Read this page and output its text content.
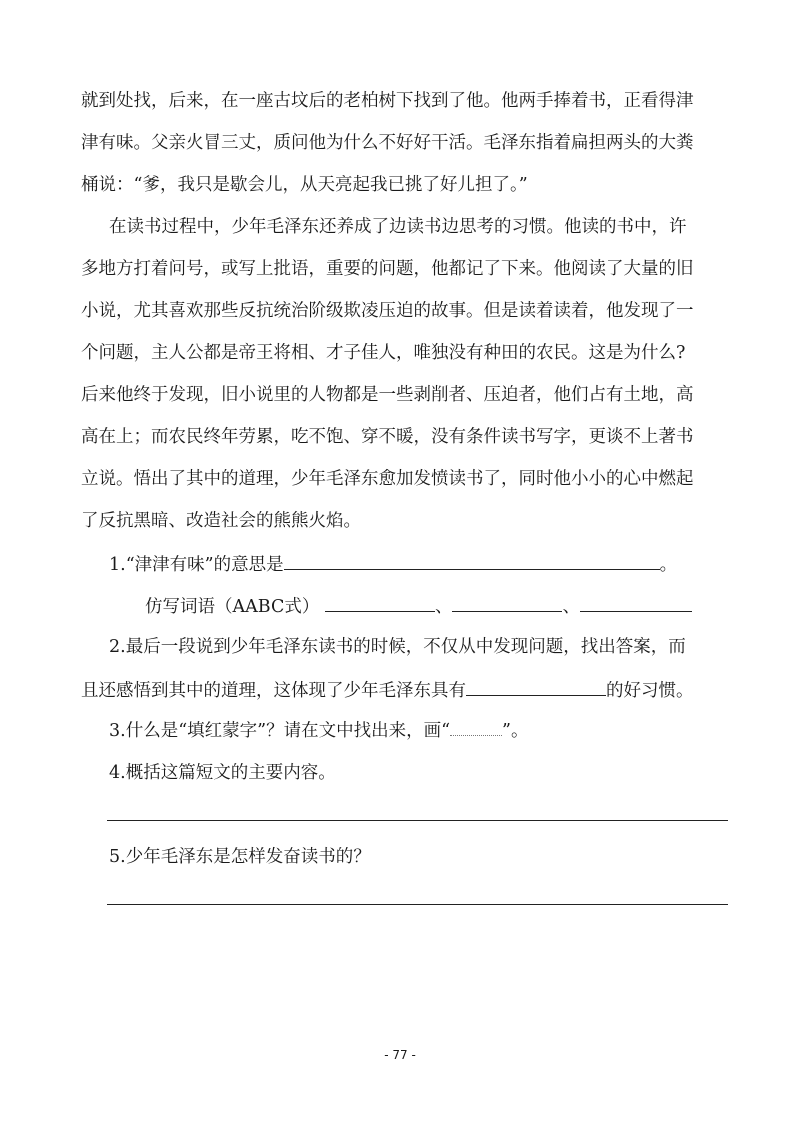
就到处找，后来，在一座古坟后的老柏树下找到了他。他两手捧着书，正看得津
津有味。父亲火冒三丈，质问他为什么不好好干活。毛泽东指着扁担两头的大粪
桶说：“爹，我只是歇会儿，从天亮起我已挑了好儿担了。”
在读书过程中，少年毛泽东还养成了边读书边思考的习惯。他读的书中，许
多地方打着问号，或写上批语，重要的问题，他都记了下来。他阅读了大量的旧
小说，尤其喜欢那些反抗统治阶级欺凌压迫的故事。但是读着读着，他发现了一
个问题，主人公都是帝王将相、才子佳人，唯独没有种田的农民。这是为什么?
后来他终于发现，旧小说里的人物都是一些剥削者、压迫者，他们占有土地，高
高在上；而农民终年劳累，吃不饱、穿不暖，没有条件读书写字，更谈不上著书
立说。悟出了其中的道理，少年毛泽东愈加发愤读书了，同时他小小的心中燃起
了反抗黑暗、改造社会的熊熊火焰。
1.“津津有味”的意思是	。
仿写词语（AABC式）	、	、
2.最后一段说到少年毛泽东读书的时候，不仅从中发现问题，找出答案，而
且还感悟到其中的道理，这体现了少年毛泽东具有	的好习惯。
3.什么是“填红蒙字”？请在文中找出来，画“	”。
4.概括这篇短文的主要内容。
5.少年毛泽东是怎样发奋读书的？
- 77 -
